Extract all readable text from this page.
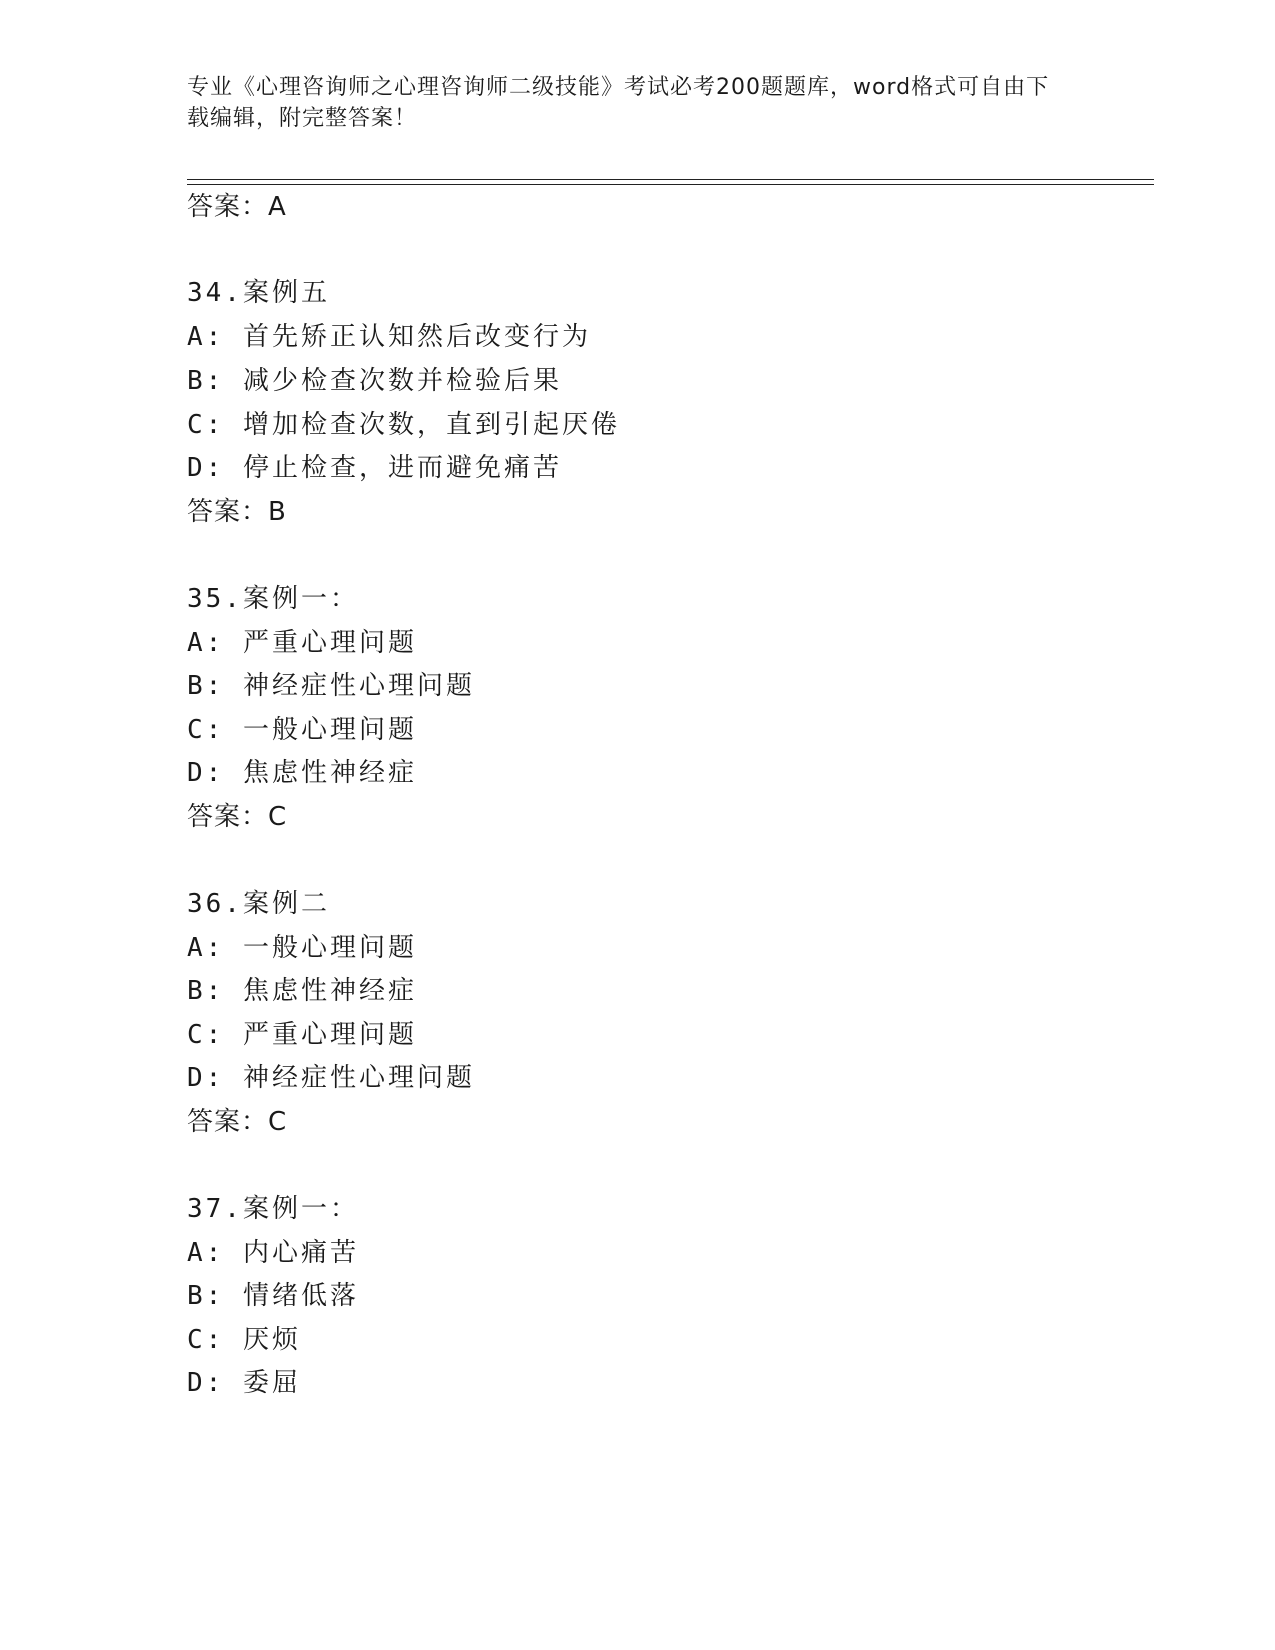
专业《心理咨询师之心理咨询师二级技能》考试必考200题题库，word格式可自由下载编辑，附完整答案！
答案：A
34.案例五
A: 首先矫正认知然后改变行为
B: 减少检查次数并检验后果
C: 增加检查次数，直到引起厌倦
D: 停止检查，进而避免痛苦
答案：B
35.案例一：
A: 严重心理问题
B: 神经症性心理问题
C: 一般心理问题
D: 焦虑性神经症
答案：C
36.案例二
A: 一般心理问题
B: 焦虑性神经症
C: 严重心理问题
D: 神经症性心理问题
答案：C
37.案例一：
A: 内心痛苦
B: 情绪低落
C: 厌烦
D: 委屈
